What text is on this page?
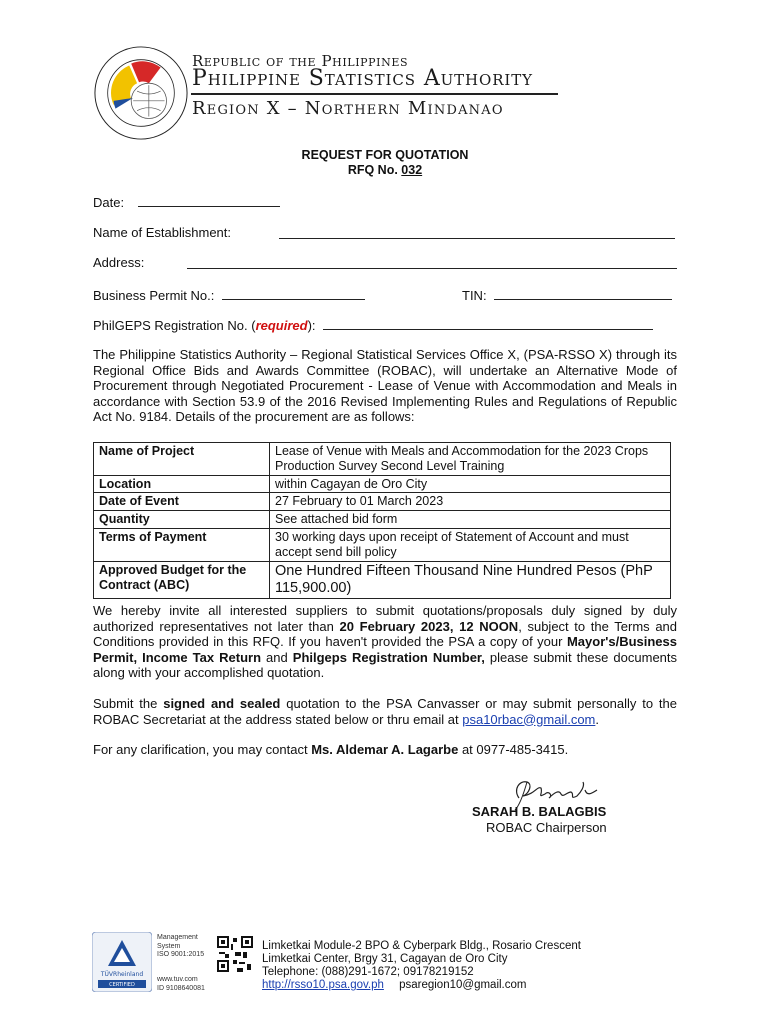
Republic of the Philippines
Philippine Statistics Authority
Region X – Northern Mindanao
REQUEST FOR QUOTATION
RFQ No. 032
Date:
Name of Establishment:
Address:
Business Permit No.:	TIN:
PhilGEPS Registration No. (required):
The Philippine Statistics Authority – Regional Statistical Services Office X, (PSA-RSSO X) through its Regional Office Bids and Awards Committee (ROBAC), will undertake an Alternative Mode of Procurement through Negotiated Procurement - Lease of Venue with Accommodation and Meals in accordance with Section 53.9 of the 2016 Revised Implementing Rules and Regulations of Republic Act No. 9184. Details of the procurement are as follows:
Name of Project	Lease of Venue with Meals and Accommodation for the 2023 Crops Production Survey Second Level Training
Location	within Cagayan de Oro City
Date of Event	27 February to 01 March 2023
Quantity	See attached bid form
Terms of Payment	30 working days upon receipt of Statement of Account and must accept send bill policy
Approved Budget for the Contract (ABC)	One Hundred Fifteen Thousand Nine Hundred Pesos (PhP 115,900.00)
We hereby invite all interested suppliers to submit quotations/proposals duly signed by duly authorized representatives not later than 20 February 2023, 12 NOON, subject to the Terms and Conditions provided in this RFQ. If you haven't provided the PSA a copy of your Mayor's/Business Permit, Income Tax Return and Philgeps Registration Number, please submit these documents along with your accomplished quotation.
Submit the signed and sealed quotation to the PSA Canvasser or may submit personally to the ROBAC Secretariat at the address stated below or thru email at psa10rbac@gmail.com.
For any clarification, you may contact Ms. Aldemar A. Lagarbe at 0977-485-3415.
SARAH B. BALAGBIS
ROBAC Chairperson
TÜVRheinland
CERTIFIED
Management
System
ISO 9001:2015
www.tuv.com
ID 9108640081
Limketkai Module-2 BPO & Cyberpark Bldg., Rosario Crescent
Limketkai Center, Brgy 31, Cagayan de Oro City
Telephone: (088)291-1672; 09178219152
http://rsso10.psa.gov.ph psaregion10@gmail.com
